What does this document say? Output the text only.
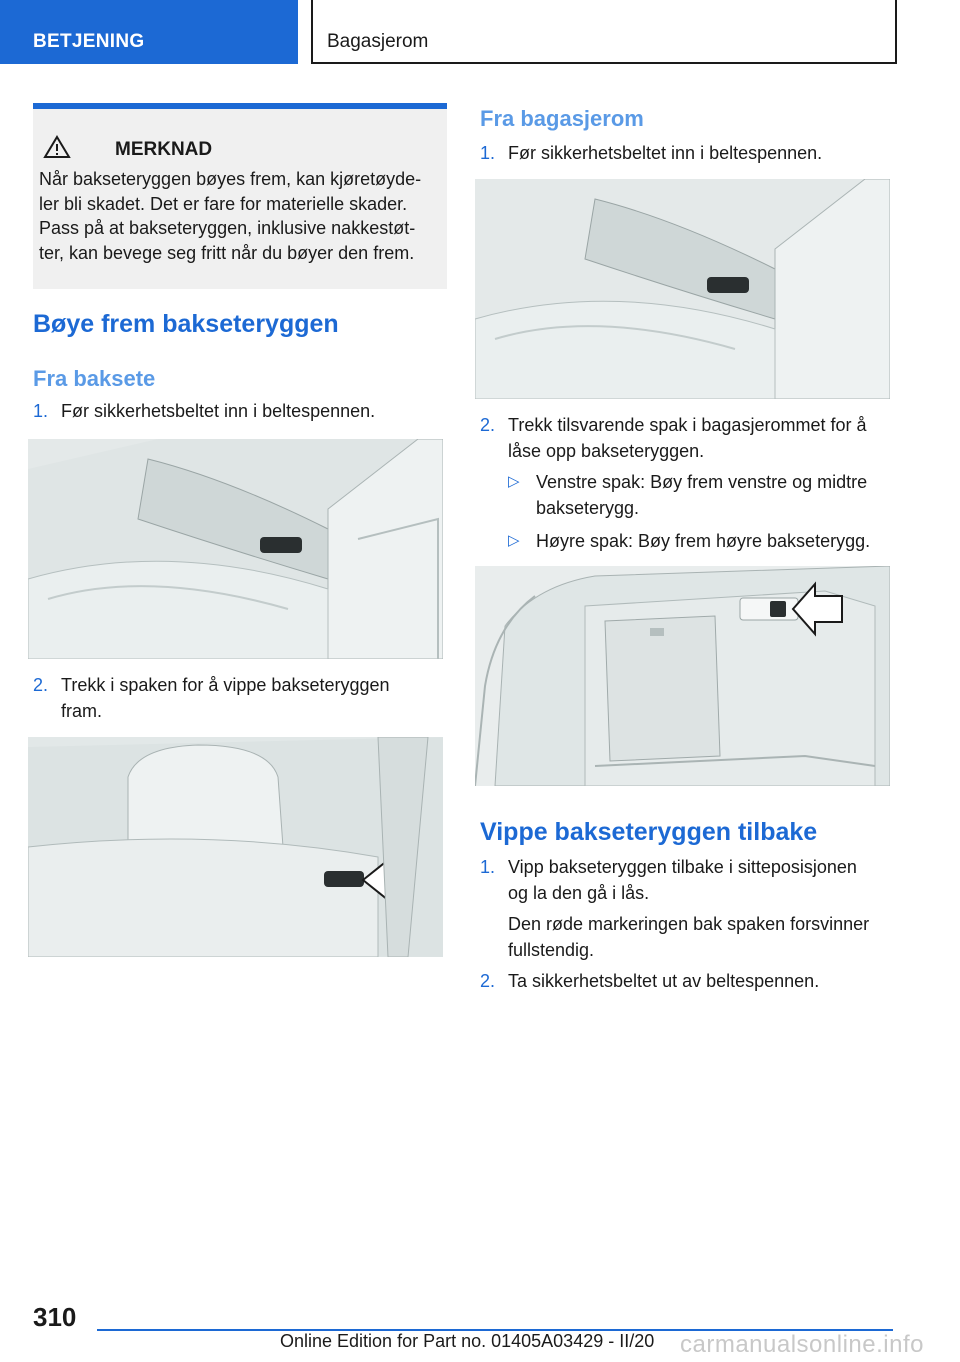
BETJENING	Bagasjerom
MERKNAD
Når bakseteryggen bøyes frem, kan kjøretøyde-
ler bli skadet. Det er fare for materielle skader.
Pass på at bakseteryggen, inklusive nakkestøt-
ter, kan bevege seg fritt når du bøyer den frem.
Bøye frem bakseteryggen
Fra baksete
1. Før sikkerhetsbeltet inn i beltespennen.
2. Trekk i spaken for å vippe bakseteryggen
fram.
Fra bagasjerom
1. Før sikkerhetsbeltet inn i beltespennen.
2. Trekk tilsvarende spak i bagasjerommet for å
låse opp bakseteryggen.
▷ Venstre spak: Bøy frem venstre og midtre
bakseterygg.
▷ Høyre spak: Bøy frem høyre bakseterygg.
Vippe bakseteryggen tilbake
1. Vipp bakseteryggen tilbake i sitteposisjonen
og la den gå i lås.
Den røde markeringen bak spaken forsvinner
fullstendig.
2. Ta sikkerhetsbeltet ut av beltespennen.
310
Online Edition for Part no. 01405A03429 - II/20 carmanualsonline.info
